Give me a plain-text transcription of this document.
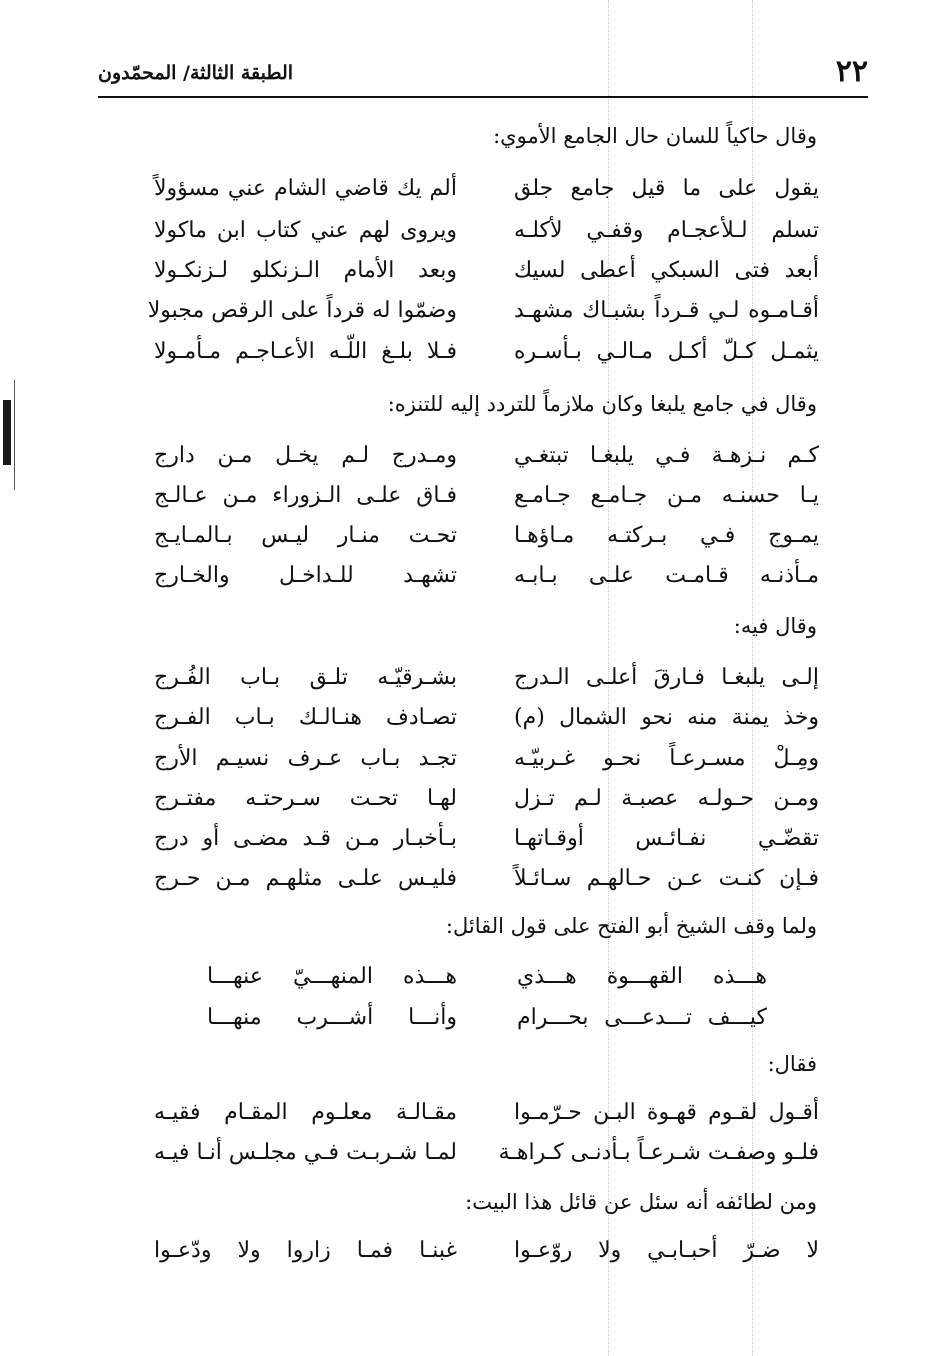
٢٢
الطبقة الثالثة/ المحمّدون
وقال حاكياً للسان حال الجامع الأموي:
يقول على ما قيل جامع جلق
ألم يك قاضي الشام عني مسؤولاً
تسلم لـلأعجـام وقفـي لأكلـه
ويروى لهم عني كتاب ابن ماكولا
أبعد فتى السبكي أعطى لسيك
وبعد الأمام الـزنكلو لـزنكـولا
أقـامـوه لـي قـرداً بشبـاك مشهـد
وضمّوا له قرداً على الرقص مجبولا
يثمـل كـلّ أكـل مـالـي بـأسـره
فـلا بلـغ اللّـه الأعـاجـم مـأمـولا
وقال في جامع يلبغا وكان ملازماً للتردد إليه للتنزه:
كـم نـزهـة فـي يلبغـا تبتغـي
ومـدرج لـم يخـل مـن دارج
يـا حسنـه مـن جـامـع جـامـع
فـاق علـى الـزوراء مـن عـالـج
يمـوج فـي بـركتـه مـاؤهـا
تحـت منـار ليـس بـالمـايـج
مـأذنـه قـامـت علـى بـابـه
تشهـد للـداخـل والخـارج
وقال فيه:
إلـى يلبغـا فـارقَ أعلـى الـدرج
بشـرقيّـه تلـق بـاب الفُـرج
وخذ يمنة منه نحو الشمال (م)
تصـادف هنـالـك بـاب الفـرج
ومِـلْ مسـرعـاً نحـو غـربيّـه
تجـد بـاب عـرف نسيـم الأرج
ومـن حـولـه عصبـة لـم تـزل
لهـا تحـت سـرحتـه مفتـرج
تقضّـي نفـائـس أوقـاتهـا
بـأخبـار مـن قـد مضـى أو درج
فـإن كنـت عـن حـالهـم سـائـلاً
فليـس علـى مثلهـم مـن حـرج
ولما وقف الشيخ أبو الفتح على قول القائل:
هـــذه القهـــوة هـــذي
هـــذه المنهـــيّ عنهـــا
كيـــف تـــدعـــى بحـــرام
وأنـــا أشـــرب منهـــا
فقال:
أقـول لقـوم قهـوة البـن حـرّمـوا
مقـالـة معلـوم المقـام فقيـه
فلـو وصفـت شـرعـاً بـأدنـى كـراهـة
لمـا شـربـت فـي مجلـس أنـا فيـه
ومن لطائفه أنه سئل عن قائل هذا البيت:
لا ضـرّ أحبـابـي ولا روّعـوا
غبنـا فمـا زاروا ولا ودّعـوا
